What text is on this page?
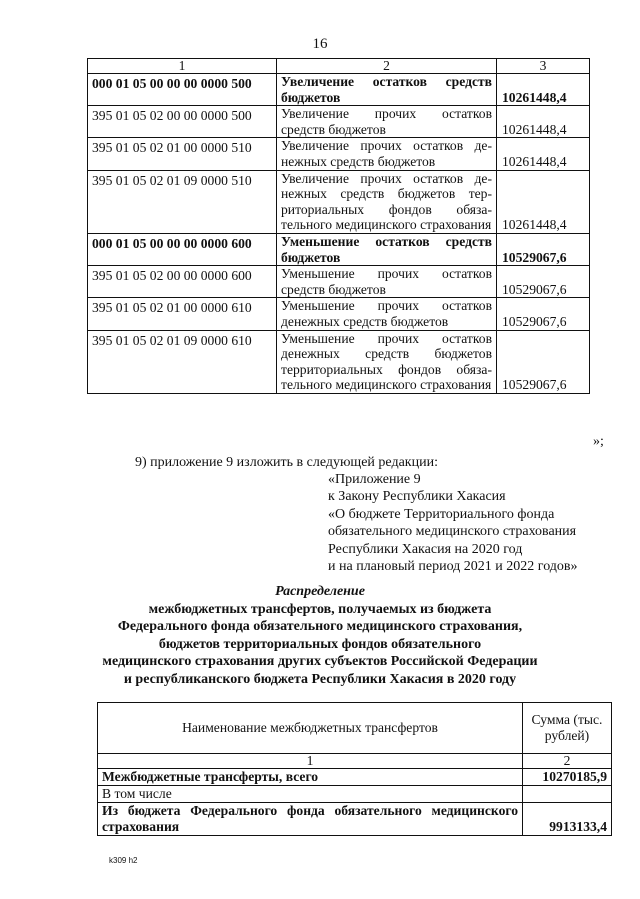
16
1	2	3
000 01 05 00 00 00 0000 500	Увеличение остатков средств бюджетов	10261448,4
395 01 05 02 00 00 0000 500	Увеличение прочих остатков средств бюджетов	10261448,4
395 01 05 02 01 00 0000 510	Увеличение прочих остатков денежных средств бюджетов	10261448,4
395 01 05 02 01 09 0000 510	Увеличение прочих остатков денежных средств бюджетов территориальных фондов обязательного медицинского страхования	10261448,4
000 01 05 00 00 00 0000 600	Уменьшение остатков средств бюджетов	10529067,6
395 01 05 02 00 00 0000 600	Уменьшение прочих остатков средств бюджетов	10529067,6
395 01 05 02 01 00 0000 610	Уменьшение прочих остатков денежных средств бюджетов	10529067,6
395 01 05 02 01 09 0000 610	Уменьшение прочих остатков денежных средств бюджетов территориальных фондов обязательного медицинского страхования	10529067,6
»;
9) приложение 9 изложить в следующей редакции:
«Приложение 9
к Закону Республики Хакасия
«О бюджете Территориального фонда
обязательного медицинского страхования
Республики Хакасия на 2020 год
и на плановый период 2021 и 2022 годов»
Распределение
межбюджетных трансфертов, получаемых из бюджета
Федерального фонда обязательного медицинского страхования,
бюджетов территориальных фондов обязательного
медицинского страхования других субъектов Российской Федерации
и республиканского бюджета Республики Хакасия в 2020 году
Наименование межбюджетных трансфертов	Сумма (тыс. рублей)
1	2
Межбюджетные трансферты, всего	10270185,9
В том числе	
Из бюджета Федерального фонда обязательного медицинского страхования	9913133,4
k309 h2
